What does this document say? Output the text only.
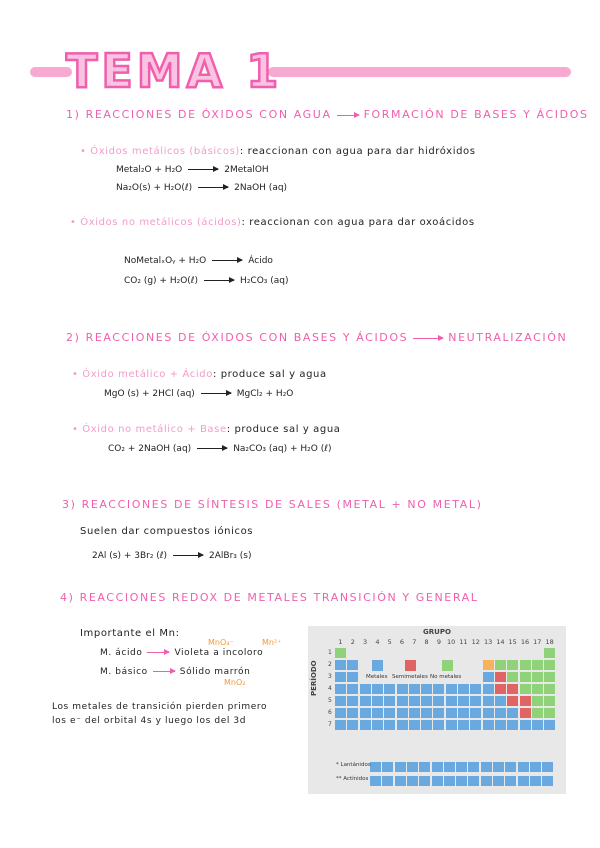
TEMA 1
1) REACCIONES DE ÓXIDOS CON AGUA	FORMACIÓN DE BASES Y ÁCIDOS
• Óxidos metálicos (básicos): reaccionan con agua para dar hidróxidos
Metal₂O + H₂O	2MetalOH
Na₂O(s) + H₂O(ℓ)	2NaOH (aq)
• Óxidos no metálicos (ácidos): reaccionan con agua para dar oxoácidos
NoMetalₓOᵧ + H₂O	Ácido
CO₂ (g) + H₂O(ℓ)	H₂CO₃ (aq)
2) REACCIONES DE ÓXIDOS CON BASES Y ÁCIDOS	NEUTRALIZACIÓN
• Óxido metálico + Ácido: produce sal y agua
MgO (s) + 2HCl (aq)	MgCl₂ + H₂O
• Óxido no metálico + Base: produce sal y agua
CO₂ + 2NaOH (aq)	Na₂CO₃ (aq) + H₂O (ℓ)
3) REACCIONES DE SÍNTESIS DE SALES (METAL + NO METAL)
Suelen dar compuestos iónicos
2Al (s) + 3Br₂ (ℓ)	2AlBr₃ (s)
4) REACCIONES REDOX DE METALES TRANSICIÓN Y GENERAL
Importante el Mn:
MnO₄⁻	Mn²⁺
M. ácido	Violeta a incoloro
M. básico	Sólido marrón
MnO₂
Los metales de transición pierden primero
los e⁻ del orbital 4s y luego los del 3d
GRUPO
1	2	3	4	5	6	7	8	9 10 11 12 13 14 15 16 17 18
PERÍODO
1
2
3
4
5
6
7
Metales Semimetales No metales
* Lantánidos
** Actínidos
